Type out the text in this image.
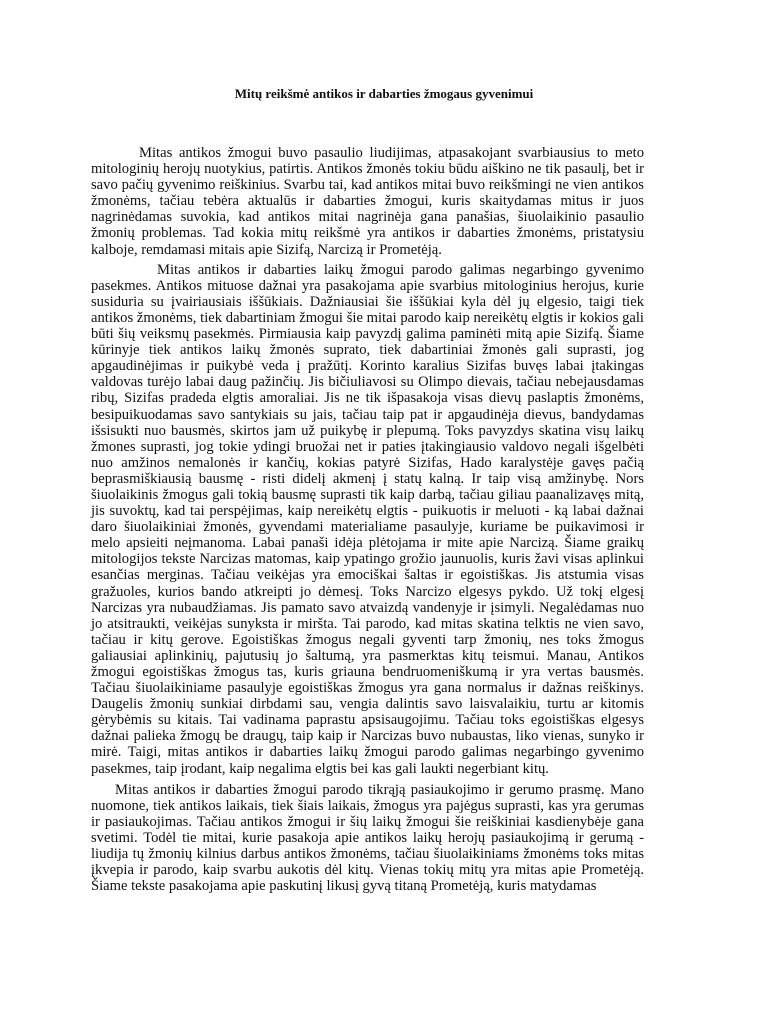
Mitų reikšmė antikos ir dabarties žmogaus gyvenimui

Mitas antikos žmogui buvo pasaulio liudijimas, atpasakojant svarbiausius to meto mitologinių herojų nuotykius, patirtis. Antikos žmonės tokiu būdu aiškino ne tik pasaulį, bet ir savo pačių gyvenimo reiškinius. Svarbu tai, kad antikos mitai buvo reikšmingi ne vien antikos žmonėms, tačiau tebėra aktualūs ir dabarties žmogui, kuris skaitydamas mitus ir juos nagrinėdamas suvokia, kad antikos mitai nagrinėja gana panašias, šiuolaikinio pasaulio žmonių problemas. Tad kokia mitų reikšmė yra antikos ir dabarties žmonėms, pristatysiu kalboje, remdamasi mitais apie Sizifą, Narcizą ir Prometėją.

Mitas antikos ir dabarties laikų žmogui parodo galimas negarbingo gyvenimo pasekmes. Antikos mituose dažnai yra pasakojama apie svarbius mitologinius herojus, kurie susiduria su įvairiausiais iššūkiais. Dažniausiai šie iššūkiai kyla dėl jų elgesio, taigi tiek antikos žmonėms, tiek dabartiniam žmogui šie mitai parodo kaip nereikėtų elgtis ir kokios gali būti šių veiksmų pasekmės. Pirmiausia kaip pavyzdį galima paminėti mitą apie Sizifą. Šiame kūrinyje tiek antikos laikų žmonės suprato, tiek dabartiniai žmonės gali suprasti, jog apgaudinėjimas ir puikybė veda į pražūtį. Korinto karalius Sizifas buvęs labai įtakingas valdovas turėjo labai daug pažinčių. Jis bičiuliavosi su Olimpo dievais, tačiau nebejausdamas ribų, Sizifas pradeda elgtis amoraliai. Jis ne tik išpasakoja visas dievų paslaptis žmonėms, besipuikuodamas savo santykiais su jais, tačiau taip pat ir apgaudinėja dievus, bandydamas išsisukti nuo bausmės, skirtos jam už puikybę ir plepumą. Toks pavyzdys skatina visų laikų žmones suprasti, jog tokie ydingi bruožai net ir paties įtakingiausio valdovo negali išgelbėti nuo amžinos nemalonės ir kančių, kokias patyrė Sizifas, Hado karalystėje gavęs pačią beprasmiškiausią bausmę - risti didelį akmenį į statų kalną. Ir taip visą amžinybę. Nors šiuolaikinis žmogus gali tokią bausmę suprasti tik kaip darbą, tačiau giliau paanalizavęs mitą, jis suvoktų, kad tai perspėjimas, kaip nereikėtų elgtis - puikuotis ir meluoti - ką labai dažnai daro šiuolaikiniai žmonės, gyvendami materialiame pasaulyje, kuriame be puikavimosi ir melo apsieiti neįmanoma. Labai panaši idėja plėtojama ir mite apie Narcizą. Šiame graikų mitologijos tekste Narcizas matomas, kaip ypatingo grožio jaunuolis, kuris žavi visas aplinkui esančias merginas. Tačiau veikėjas yra emociškai šaltas ir egoistiškas. Jis atstumia visas gražuoles, kurios bando atkreipti jo dėmesį. Toks Narcizo elgesys pykdo. Už tokį elgesį Narcizas yra nubaudžiamas. Jis pamato savo atvaizdą vandenyje ir įsimyli. Negalėdamas nuo jo atsitraukti, veikėjas sunyksta ir miršta. Tai parodo, kad mitas skatina telktis ne vien savo, tačiau ir kitų gerove. Egoistiškas žmogus negali gyventi tarp žmonių, nes toks žmogus galiausiai aplinkinių, pajutusių jo šaltumą, yra pasmerktas kitų teismui. Manau, Antikos žmogui egoistiškas žmogus tas, kuris griauna bendruomeniškumą ir yra vertas bausmės. Tačiau šiuolaikiniame pasaulyje egoistiškas žmogus yra gana normalus ir dažnas reiškinys. Daugelis žmonių sunkiai dirbdami sau, vengia dalintis savo laisvalaikiu, turtu ar kitomis gėrybėmis su kitais. Tai vadinama paprastu apsisaugojimu. Tačiau toks egoistiškas elgesys dažnai palieka žmogų be draugų, taip kaip ir Narcizas buvo nubaustas, liko vienas, sunyko ir mirė. Taigi, mitas antikos ir dabarties laikų žmogui parodo galimas negarbingo gyvenimo pasekmes, taip įrodant, kaip negalima elgtis bei kas gali laukti negerbiant kitų.

Mitas antikos ir dabarties žmogui parodo tikrąją pasiaukojimo ir gerumo prasmę. Mano nuomone, tiek antikos laikais, tiek šiais laikais, žmogus yra pajėgus suprasti, kas yra gerumas ir pasiaukojimas. Tačiau antikos žmogui ir šių laikų žmogui šie reiškiniai kasdienybėje gana svetimi. Todėl tie mitai, kurie pasakoja apie antikos laikų herojų pasiaukojimą ir gerumą - liudija tų žmonių kilnius darbus antikos žmonėms, tačiau šiuolaikiniams žmonėms toks mitas įkvepia ir parodo, kaip svarbu aukotis dėl kitų. Vienas tokių mitų yra mitas apie Prometėją. Šiame tekste pasakojama apie paskutinį likusį gyvą titaną Prometėją, kuris matydamas
